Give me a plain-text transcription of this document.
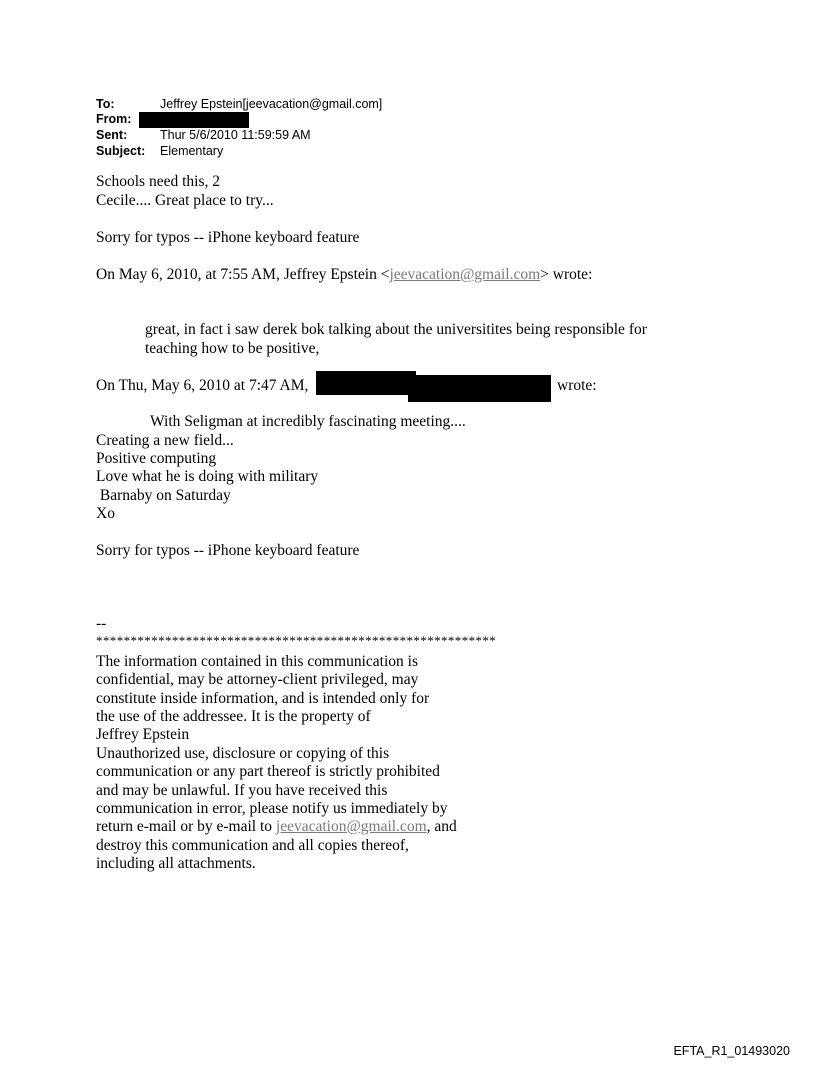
To:	Jeffrey Epstein[jeevacation@gmail.com]
From:
Sent:	Thur 5/6/2010 11:59:59 AM
Subject: Elementary
Schools need this, 2
Cecile.... Great place to try...
Sorry for typos -- iPhone keyboard feature
On May 6, 2010, at 7:55 AM, Jeffrey Epstein <jeevacation@gmail.com> wrote:
great, in fact i saw derek bok talking about the universitites being responsible for
teaching how to be positive,
On Thu, May 6, 2010 at 7:47 AM,	wrote:
With Seligman at incredibly fascinating meeting....
Creating a new field...
Positive computing
Love what he is doing with military
Barnaby on Saturday
Xo
Sorry for typos -- iPhone keyboard feature
--
**********************************************************
The information contained in this communication is
confidential, may be attorney-client privileged, may
constitute inside information, and is intended only for
the use of the addressee. It is the property of
Jeffrey Epstein
Unauthorized use, disclosure or copying of this
communication or any part thereof is strictly prohibited
and may be unlawful. If you have received this
communication in error, please notify us immediately by
return e-mail or by e-mail to jeevacation@gmail.com, and
destroy this communication and all copies thereof,
including all attachments.
EFTA_R1_01493020
